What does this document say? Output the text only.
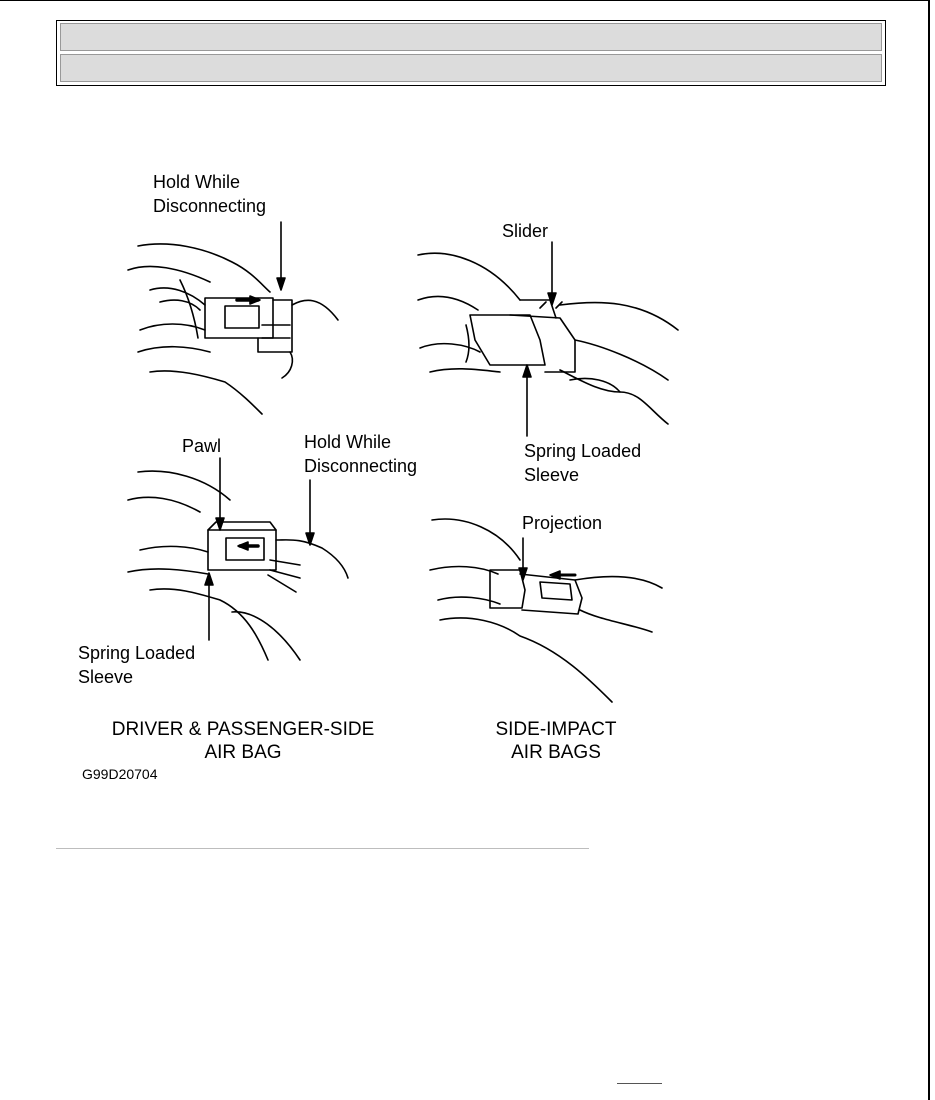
Hold While
Disconnecting
Slider
Pawl	Hold While
Disconnecting
Spring Loaded
Sleeve
Projection
Spring Loaded
Sleeve
DRIVER & PASSENGER-SIDE
AIR BAG
SIDE-IMPACT
AIR BAGS
G99D20704
